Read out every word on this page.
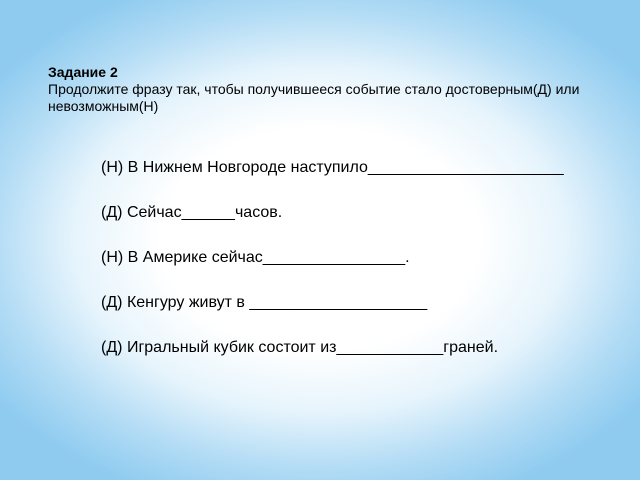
Задание 2
Продолжите фразу так, чтобы получившееся событие стало достоверным(Д) или невозможным(Н)
(Н) В Нижнем Новгороде наступило______________________
(Д) Сейчас______часов.
(Н) В Америке сейчас________________.
(Д) Кенгуру живут в ____________________
(Д) Игральный кубик состоит из____________граней.
